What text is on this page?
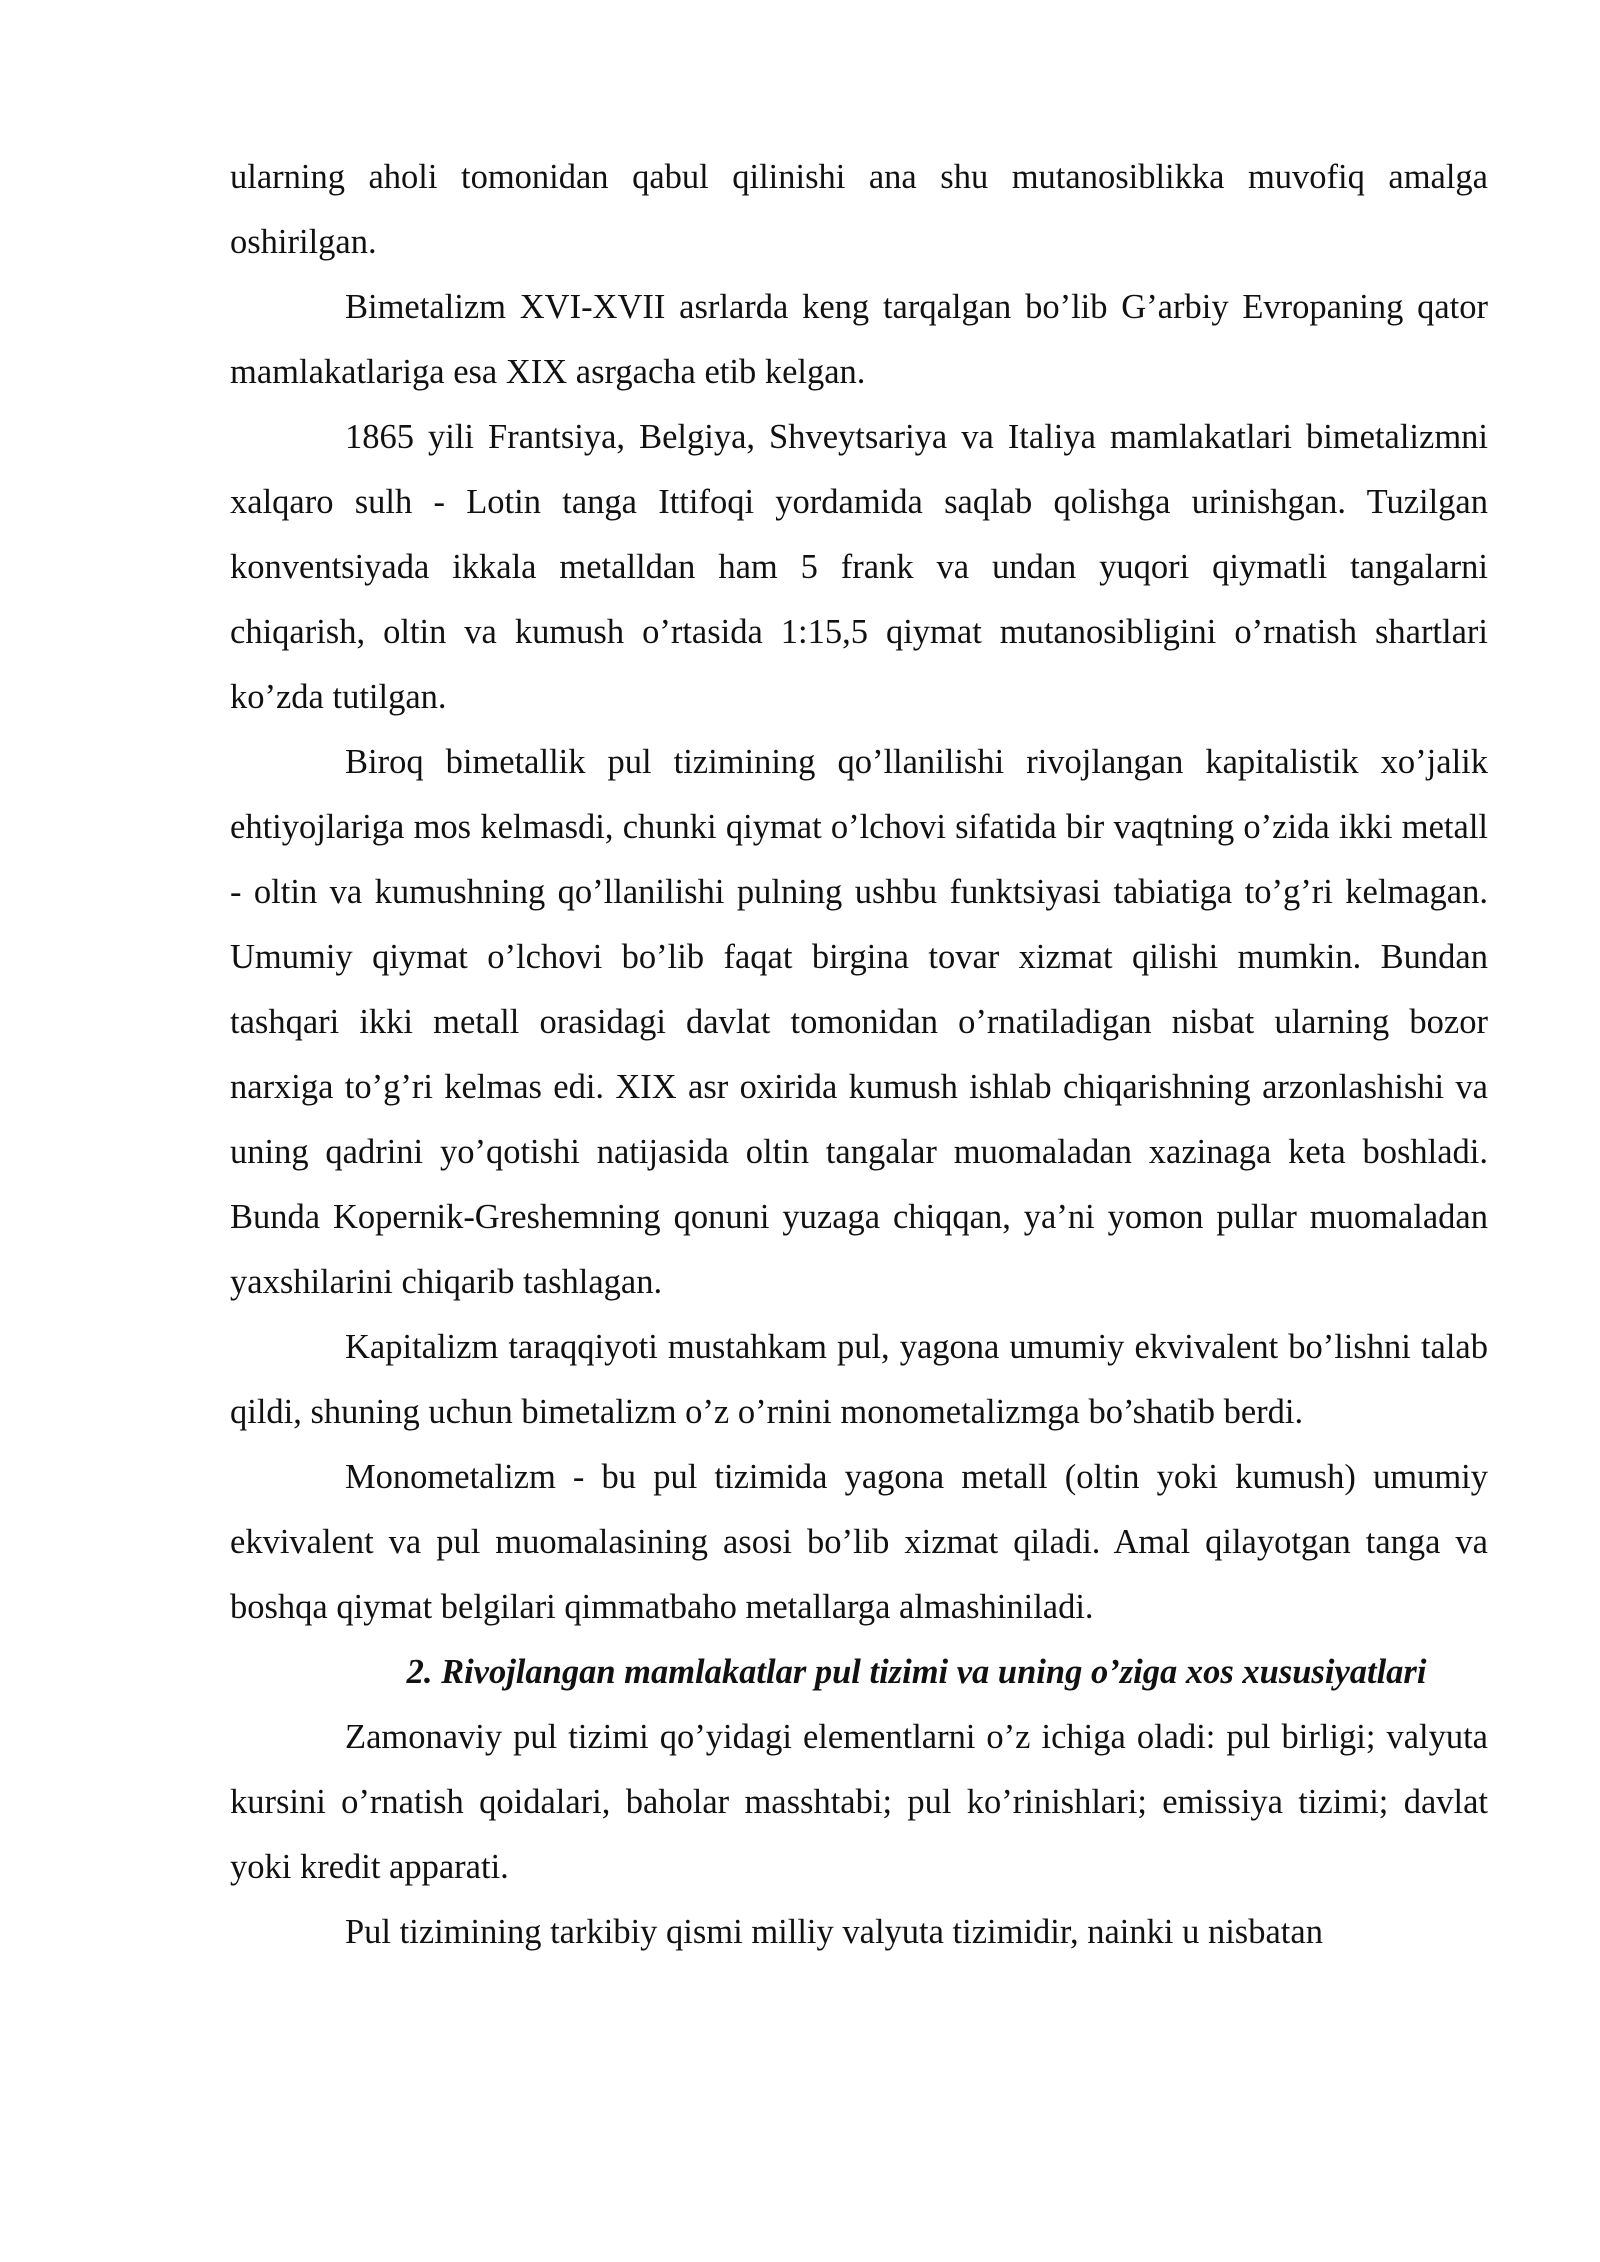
ularning aholi tomonidan qabul qilinishi ana shu mutanosiblikka muvofiq amalga oshirilgan.

Bimetalizm XVI-XVII asrlarda keng tarqalgan bo’lib G’arbiy Evropaning qator mamlakatlariga esa XIX asrgacha etib kelgan.

1865 yili Frantsiya, Belgiya, Shveytsariya va Italiya mamlakatlari bimetalizmni xalqaro sulh - Lotin tanga Ittifoqi yordamida saqlab qolishga urinishgan. Tuzilgan konventsiyada ikkala metalldan ham 5 frank va undan yuqori qiymatli tangalarni chiqarish, oltin va kumush o’rtasida 1:15,5 qiymat mutanosibligini o’rnatish shartlari ko’zda tutilgan.

Biroq bimetallik pul tizimining qo’llanilishi rivojlangan kapitalistik xo’jalik ehtiyojlariga mos kelmasdi, chunki qiymat o’lchovi sifatida bir vaqtning o’zida ikki metall - oltin va kumushning qo’llanilishi pulning ushbu funktsiyasi tabiatiga to’g’ri kelmagan. Umumiy qiymat o’lchovi bo’lib faqat birgina tovar xizmat qilishi mumkin. Bundan tashqari ikki metall orasidagi davlat tomonidan o’rnatiladigan nisbat ularning bozor narxiga to’g’ri kelmas edi. XIX asr oxirida kumush ishlab chiqarishning arzonlashishi va uning qadrini yo’qotishi natijasida oltin tangalar muomaladan xazinaga keta boshladi. Bunda Kopernik-Greshemning qonuni yuzaga chiqqan, ya’ni yomon pullar muomaladan yaxshilarini chiqarib tashlagan.

Kapitalizm taraqqiyoti mustahkam pul, yagona umumiy ekvivalent bo’lishni talab qildi, shuning uchun bimetalizm o’z o’rnini monometalizmga bo’shatib berdi.

Monometalizm - bu pul tizimida yagona metall (oltin yoki kumush) umumiy ekvivalent va pul muomalasining asosi bo’lib xizmat qiladi. Amal qilayotgan tanga va boshqa qiymat belgilari qimmatbaho metallarga almashiniladi.

2. Rivojlangan mamlakatlar pul tizimi va uning o’ziga xos xususiyatlari

Zamonaviy pul tizimi qo’yidagi elementlarni o’z ichiga oladi: pul birligi; valyuta kursini o’rnatish qoidalari, baholar masshtabi; pul ko’rinishlari; emissiya tizimi; davlat yoki kredit apparati.

Pul tizimining tarkibiy qismi milliy valyuta tizimidir, nainki u nisbatan
